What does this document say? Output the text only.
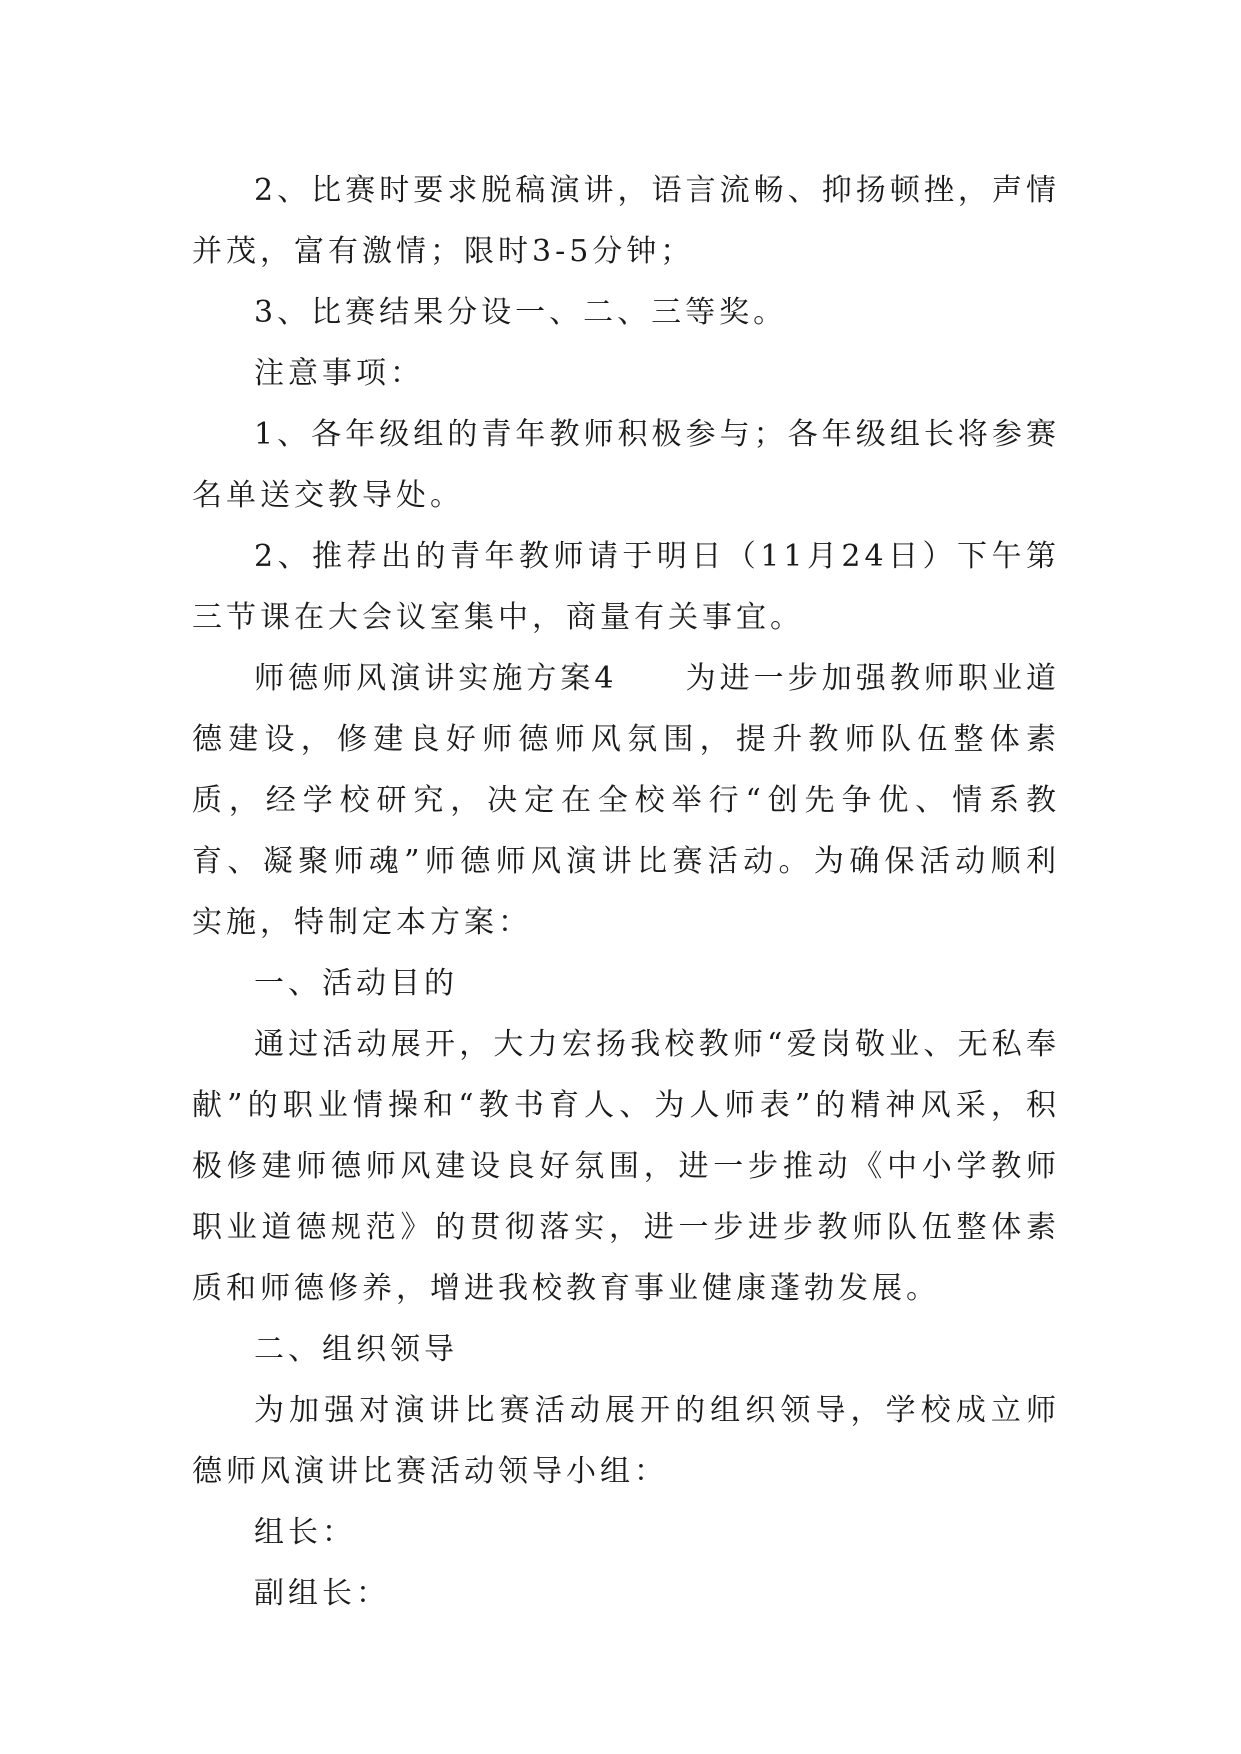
2、比赛时要求脱稿演讲，语言流畅、抑扬顿挫，声情并茂，富有激情；限时3-5分钟；

3、比赛结果分设一、二、三等奖。

注意事项：

1、各年级组的青年教师积极参与；各年级组长将参赛名单送交教导处。

2、推荐出的青年教师请于明日（11月24日）下午第三节课在大会议室集中，商量有关事宜。

师德师风演讲实施方案4　　为进一步加强教师职业道德建设，修建良好师德师风氛围，提升教师队伍整体素质，经学校研究，决定在全校举行“创先争优、情系教育、凝聚师魂”师德师风演讲比赛活动。为确保活动顺利实施，特制定本方案：

一、活动目的

通过活动展开，大力宏扬我校教师“爱岗敬业、无私奉献”的职业情操和“教书育人、为人师表”的精神风采，积极修建师德师风建设良好氛围，进一步推动《中小学教师职业道德规范》的贯彻落实，进一步进步教师队伍整体素质和师德修养，增进我校教育事业健康蓬勃发展。

二、组织领导

为加强对演讲比赛活动展开的组织领导，学校成立师德师风演讲比赛活动领导小组：

组长：

副组长：
